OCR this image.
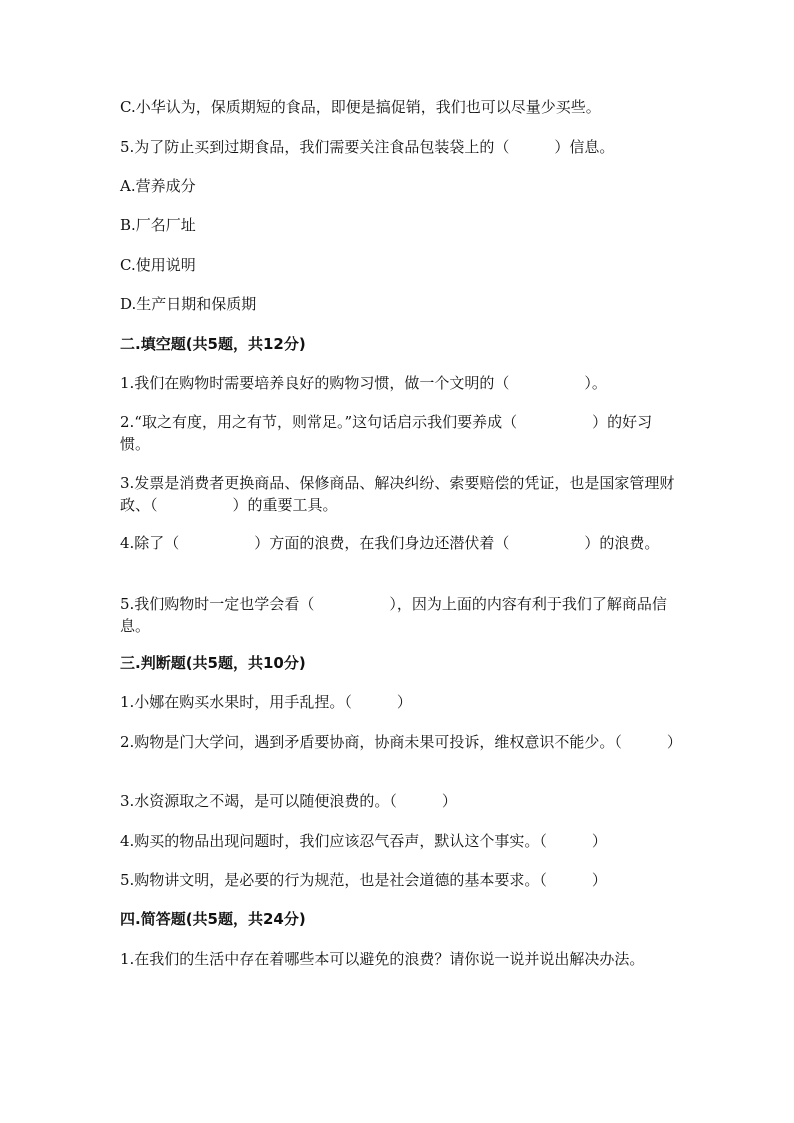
C.小华认为，保质期短的食品，即便是搞促销，我们也可以尽量少买些。
5.为了防止买到过期食品，我们需要关注食品包装袋上的（　　　）信息。
A.营养成分
B.厂名厂址
C.使用说明
D.生产日期和保质期
二.填空题(共5题，共12分)
1.我们在购物时需要培养良好的购物习惯，做一个文明的（　　　　　）。
2.“取之有度，用之有节，则常足。”这句话启示我们要养成（　　　　　）的好习惯。
3.发票是消费者更换商品、保修商品、解决纠纷、索要赔偿的凭证，也是国家管理财政、（　　　　　）的重要工具。
4.除了（　　　　　）方面的浪费，在我们身边还潜伏着（　　　　　）的浪费。
5.我们购物时一定也学会看（　　　　　），因为上面的内容有利于我们了解商品信息。
三.判断题(共5题，共10分)
1.小娜在购买水果时，用手乱捏。（　　　）
2.购物是门大学问，遇到矛盾要协商，协商未果可投诉，维权意识不能少。（　　　）
3.水资源取之不竭，是可以随便浪费的。（　　　）
4.购买的物品出现问题时，我们应该忍气吞声，默认这个事实。（　　　）
5.购物讲文明，是必要的行为规范，也是社会道德的基本要求。（　　　）
四.简答题(共5题，共24分)
1.在我们的生活中存在着哪些本可以避免的浪费？请你说一说并说出解决办法。
